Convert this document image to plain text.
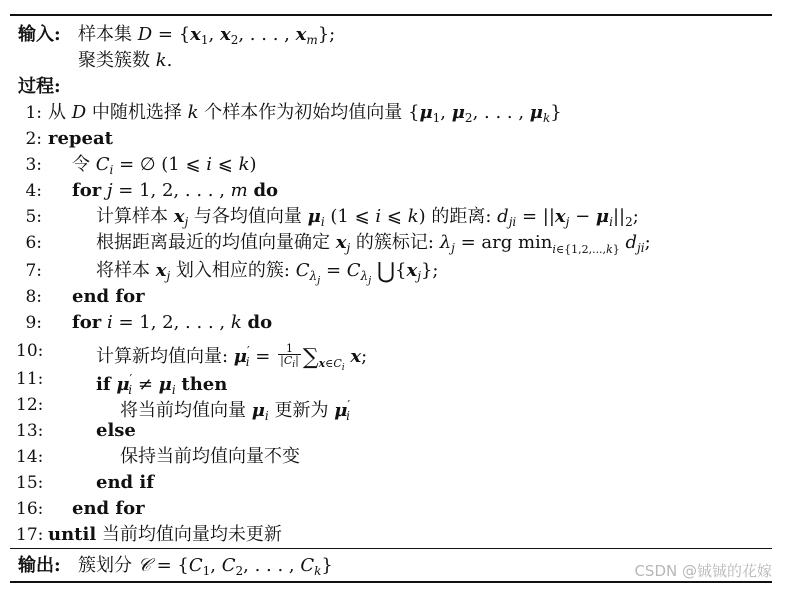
输入: 样本集 $D = \{x_1$, $x_2$, . . . , $x_m$};
聚类簇数 k.
过程:
1: 从 D 中随机选择 k 个样本作为初始均值向量 {$\mu_1$, $\mu_2$, . . . , $\mu_k$}
2: repeat
3: 令 $C_i$ = ∅ (1 ⩽ i ⩽ k)
4: for j = 1, 2, . . . , m do
5:	计算样本 $x_j$ 与各均值向量 $\mu_i$ (1 ⩽ i ⩽ k) 的距离: $d_{ji} = ||x_j - \mu_i||_2$;
6:	根据距离最近的均值向量确定 $x_j$ 的簇标记: $\lambda_j$ = arg $\min_{i\in\{1,2,...,k\}} d_{ji}$;
7:	将样本 $x_j$ 划入相应的簇: $C_{\lambda_j} = C_{\lambda_j}$ $⋃\{x_j\}$;
8: end for
9: for i = 1, 2, . . . , k do
10:	计算新均值向量: $\mu'_i = \frac{1}{|C_i|} \sum_{x\in C_i}$ x;
11:	if $\mu'_i \ne \mu_i$ then
12:	将当前均值向量 $\mu_i$ 更新为 $\mu'_i$
13:	else
14:	保持当前均值向量不变
15:	end if
16: end for
17: until 当前均值向量均未更新
输出: 簇划分 𝒞 = {$C_1$, $C_2$, . . . , $C_k$}	CSDN @铖铖的花嫁
